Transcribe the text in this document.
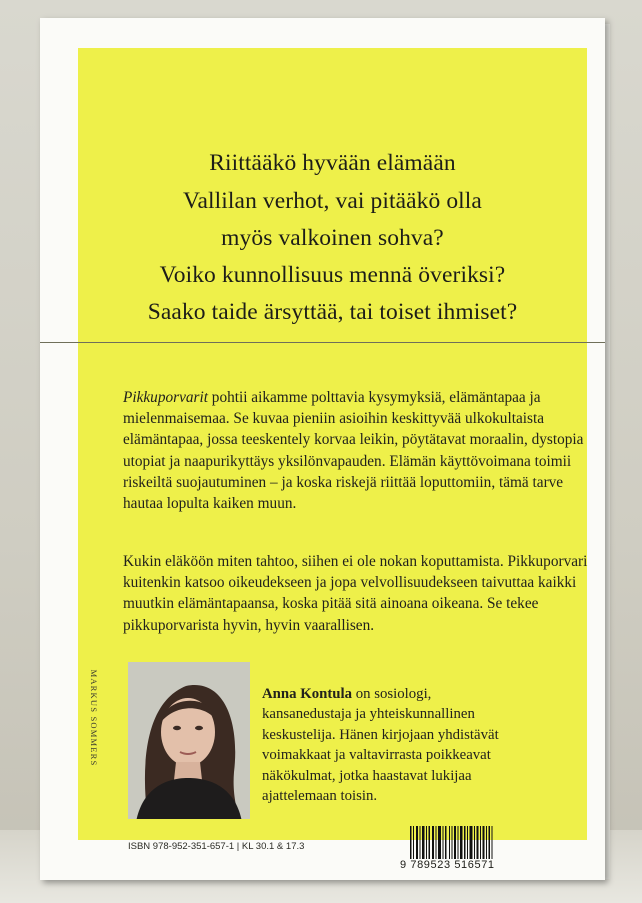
Riittääkö hyvään elämään
Vallilan verhot, vai pitääkö olla
myös valkoinen sohva?
Voiko kunnollisuus mennä överiksi?
Saako taide ärsyttää, tai toiset ihmiset?

Pikkuporvarit pohtii aikamme polttavia kysymyksiä, elämäntapaa ja mielenmaisemaa. Se kuvaa pieniin asioihin keskittyvää ulkokultaista elämäntapaa, jossa teeskentely korvaa leikin, pöytätavat moraalin, dystopia utopiat ja naapurikyttäys yksilönvapauden. Elämän käyttövoimana toimii riskeiltä suojautuminen – ja koska riskejä riittää loputtomiin, tämä tarve hautaa lopulta kaiken muun.

Kukin eläköön miten tahtoo, siihen ei ole nokan koputtamista. Pikkuporvari kuitenkin katsoo oikeudekseen ja jopa velvollisuudekseen taivuttaa kaikki muutkin elämäntapaansa, koska pitää sitä ainoana oikeana. Se tekee pikkuporvarista hyvin, hyvin vaarallisen.

MARKUS SOMMERS	Anna Kontula on sosiologi, kansanedustaja ja yhteiskunnallinen keskustelija. Hänen kirjojaan yhdistävät voimakkaat ja valtavirrasta poikkeavat näkökulmat, jotka haastavat lukijaa ajattelemaan toisin.
ISBN 978-952-351-657-1 | KL 30.1 & 17.3
9 789523 516571
